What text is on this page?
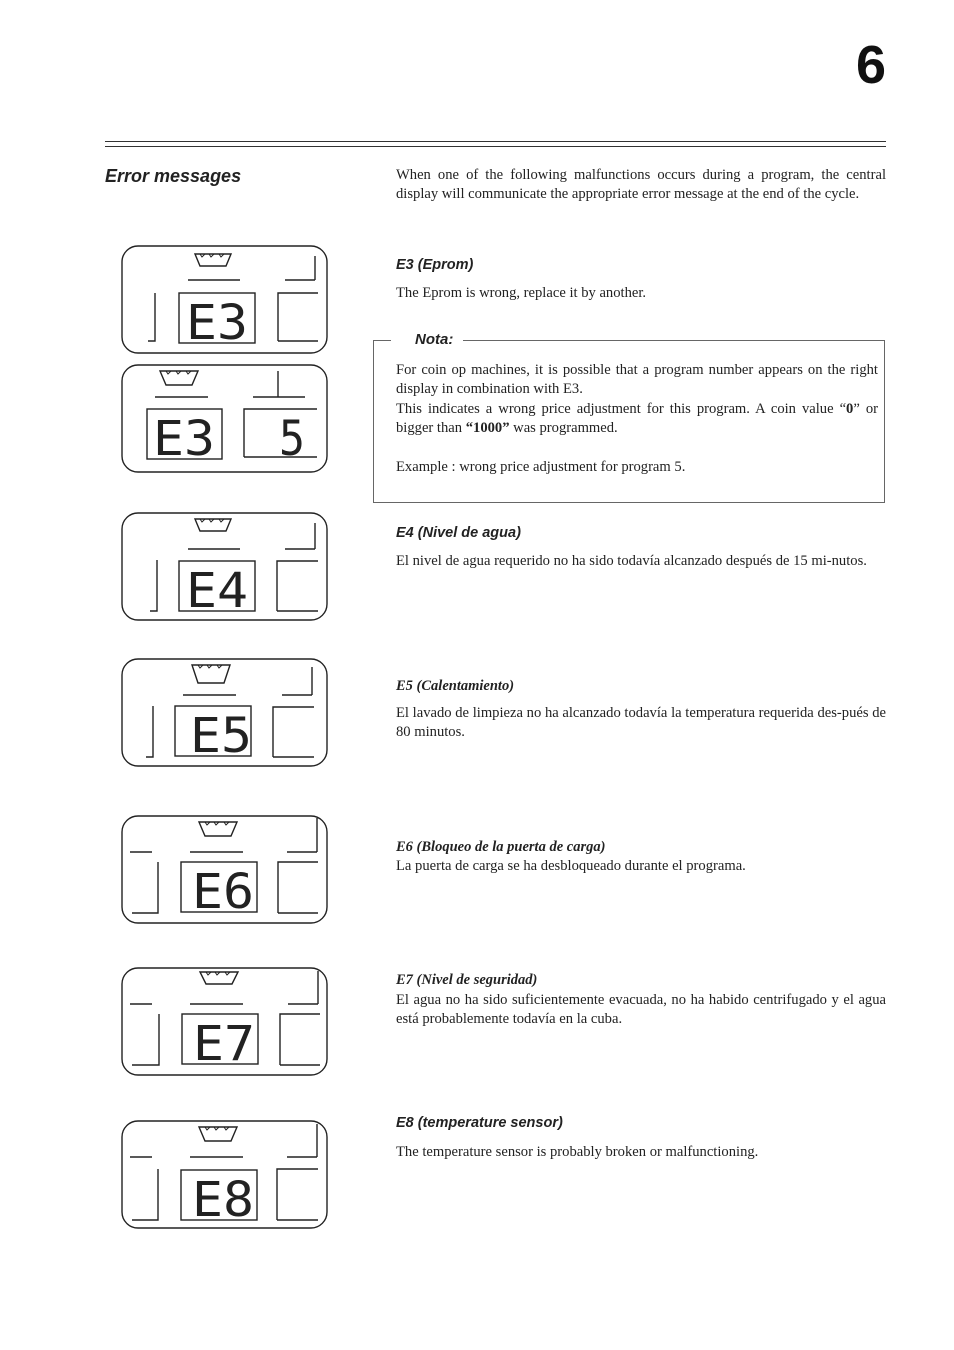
6
Error messages	When one of the following malfunctions occurs during a program, the central display will communicate the appropriate error message at the end of the cycle.

E3 (Eprom)

The Eprom is wrong, replace it by another.

Nota:
For coin op machines, it is possible that a program number appears on the right display in combination with E3.
This indicates a wrong price adjustment for this program. A coin value “0” or bigger than “1000” was programmed.
Example : wrong price adjustment for program 5.
E4 (Nivel de agua)

El nivel de agua requerido no ha sido todavía alcanzado después de 15 mi-nutos.

E5 (Calentamiento)

El lavado de limpieza no ha alcanzado todavía la temperatura requerida des-pués de 80 minutos.

E6 (Bloqueo de la puerta de carga)

La puerta de carga se ha desbloqueado durante el programa.

E7 (Nivel de seguridad)

El agua no ha sido suficientemente evacuada, no ha habido centrifugado y el agua está probablemente todavía en la cuba.

E8 (temperature sensor)

The temperature sensor is probably broken or malfunctioning.

E3
E3 5
E4
E5
E6
E7
E8
